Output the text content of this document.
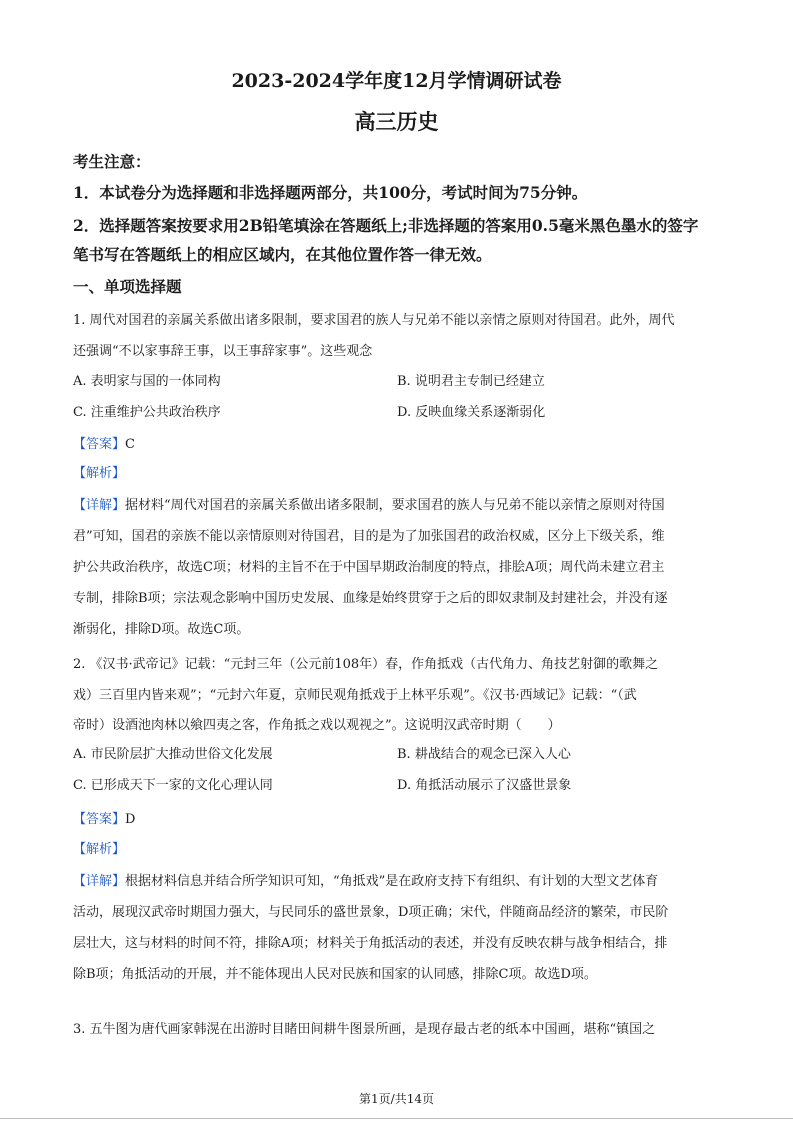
2023-2024学年度12月学情调研试卷
高三历史
考生注意：
1．本试卷分为选择题和非选择题两部分，共100分，考试时间为75分钟。
2．选择题答案按要求用2B铅笔填涂在答题纸上;非选择题的答案用0.5毫米黑色墨水的签字
笔书写在答题纸上的相应区域内，在其他位置作答一律无效。
一、单项选择题
1. 周代对国君的亲属关系做出诸多限制，要求国君的族人与兄弟不能以亲情之原则对待国君。此外，周代
还强调“不以家事辞王事，以王事辞家事”。这些观念
A. 表明家与国的一体同构	B. 说明君主专制已经建立
C. 注重维护公共政治秩序	D. 反映血缘关系逐渐弱化
【答案】C
【解析】
【详解】据材料“周代对国君的亲属关系做出诸多限制，要求国君的族人与兄弟不能以亲情之原则对待国
君”可知，国君的亲族不能以亲情原则对待国君，目的是为了加张国君的政治权威，区分上下级关系，维
护公共政治秩序，故选C项；材料的主旨不在于中国早期政治制度的特点，排脍A项；周代尚未建立君主
专制，排除B项；宗法观念影响中国历史发展、血缘是始终贯穿于之后的即奴隶制及封建社会，并没有逐
渐弱化，排除D项。故选C项。
2. 《汉书·武帝记》记载：“元封三年（公元前108年）春，作角抵戏（古代角力、角技艺射御的歌舞之
戏）三百里内皆来观”；“元封六年夏，京师民观角抵戏于上林平乐观”。《汉书·西域记》记载：“（武
帝时）设酒池肉林以飨四夷之客，作角抵之戏以观视之”。这说明汉武帝时期（　　）
A. 市民阶层扩大推动世俗文化发展	B. 耕战结合的观念已深入人心
C. 已形成天下一家的文化心理认同	D. 角抵活动展示了汉盛世景象
【答案】D
【解析】
【详解】根据材料信息并结合所学知识可知，“角抵戏”是在政府支持下有组织、有计划的大型文艺体育
活动，展现汉武帝时期国力强大，与民同乐的盛世景象，D项正确；宋代，伴随商品经济的繁荣，市民阶
层壮大，这与材料的时间不符，排除A项；材料关于角抵活动的表述，并没有反映农耕与战争相结合，排
除B项；角抵活动的开展，并不能体现出人民对民族和国家的认同感，排除C项。故选D项。
3. 五牛图为唐代画家韩滉在出游时目睹田间耕牛图景所画，是现存最古老的纸本中国画，堪称“镇国之
第1页/共14页
